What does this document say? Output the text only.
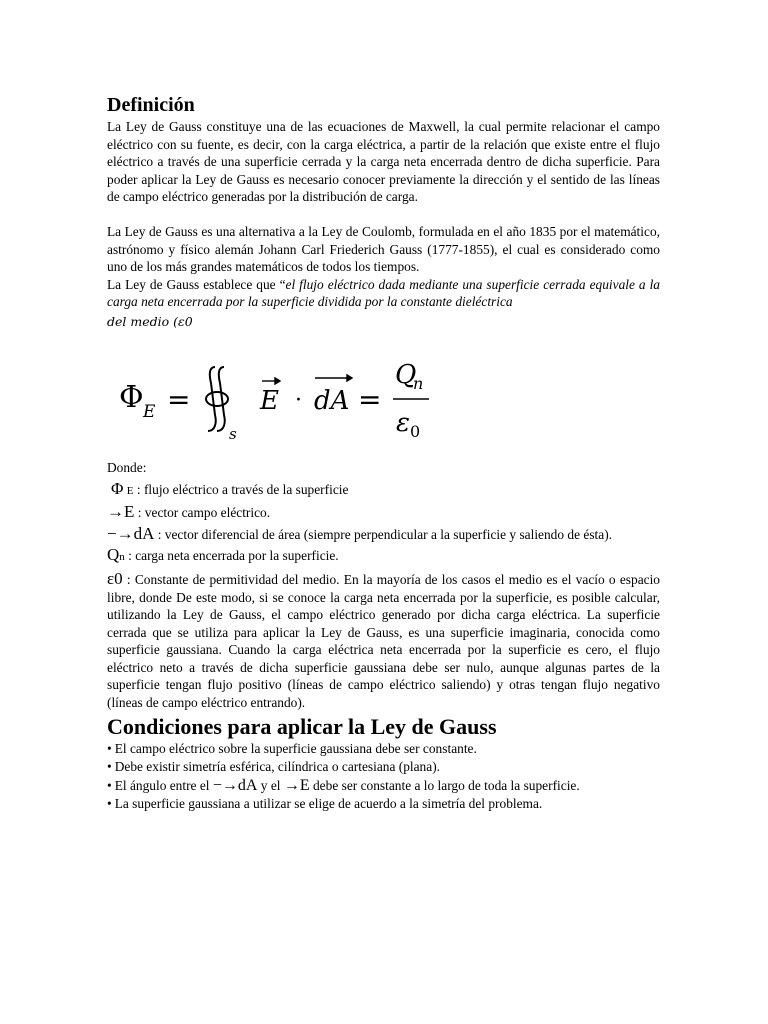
Definición

La Ley de Gauss constituye una de las ecuaciones de Maxwell, la cual permite relacionar el campo eléctrico con su fuente, es decir, con la carga eléctrica, a partir de la relación que existe entre el flujo eléctrico a través de una superficie cerrada y la carga neta encerrada dentro de dicha superficie. Para poder aplicar la Ley de Gauss es necesario conocer previamente la dirección y el sentido de las líneas de campo eléctrico generadas por la distribución de carga.

La Ley de Gauss es una alternativa a la Ley de Coulomb, formulada en el año 1835 por el matemático, astrónomo y físico alemán Johann Carl Friederich Gauss (1777-1855), el cual es considerado como uno de los más grandes matemáticos de todos los tiempos.

La Ley de Gauss establece que “el flujo eléctrico dada mediante una superficie cerrada equivale a la carga neta encerrada por la superficie dividida por la constante dieléctrica

del medio (ε0

Φ E =
s
E · dA =
Q
n
ε 0

Donde:

Φ E : flujo eléctrico a través de la superficie

→E : vector campo eléctrico.

−→dA : vector diferencial de área (siempre perpendicular a la superficie y saliendo de ésta).

Qn : carga neta encerrada por la superficie.

ε0 : Constante de permitividad del medio. En la mayoría de los casos el medio es el vacío o espacio libre, donde De este modo, si se conoce la carga neta encerrada por la superficie, es posible calcular, utilizando la Ley de Gauss, el campo eléctrico generado por dicha carga eléctrica. La superficie cerrada que se utiliza para aplicar la Ley de Gauss, es una superficie imaginaria, conocida como superficie gaussiana. Cuando la carga eléctrica neta encerrada por la superficie es cero, el flujo eléctrico neto a través de dicha superficie gaussiana debe ser nulo, aunque algunas partes de la superficie tengan flujo positivo (líneas de campo eléctrico saliendo) y otras tengan flujo negativo (líneas de campo eléctrico entrando).

Condiciones para aplicar la Ley de Gauss
• El campo eléctrico sobre la superficie gaussiana debe ser constante.
• Debe existir simetría esférica, cilíndrica o cartesiana (plana).
• El ángulo entre el −→dA y el →E debe ser constante a lo largo de toda la superficie.
• La superficie gaussiana a utilizar se elige de acuerdo a la simetría del problema.
